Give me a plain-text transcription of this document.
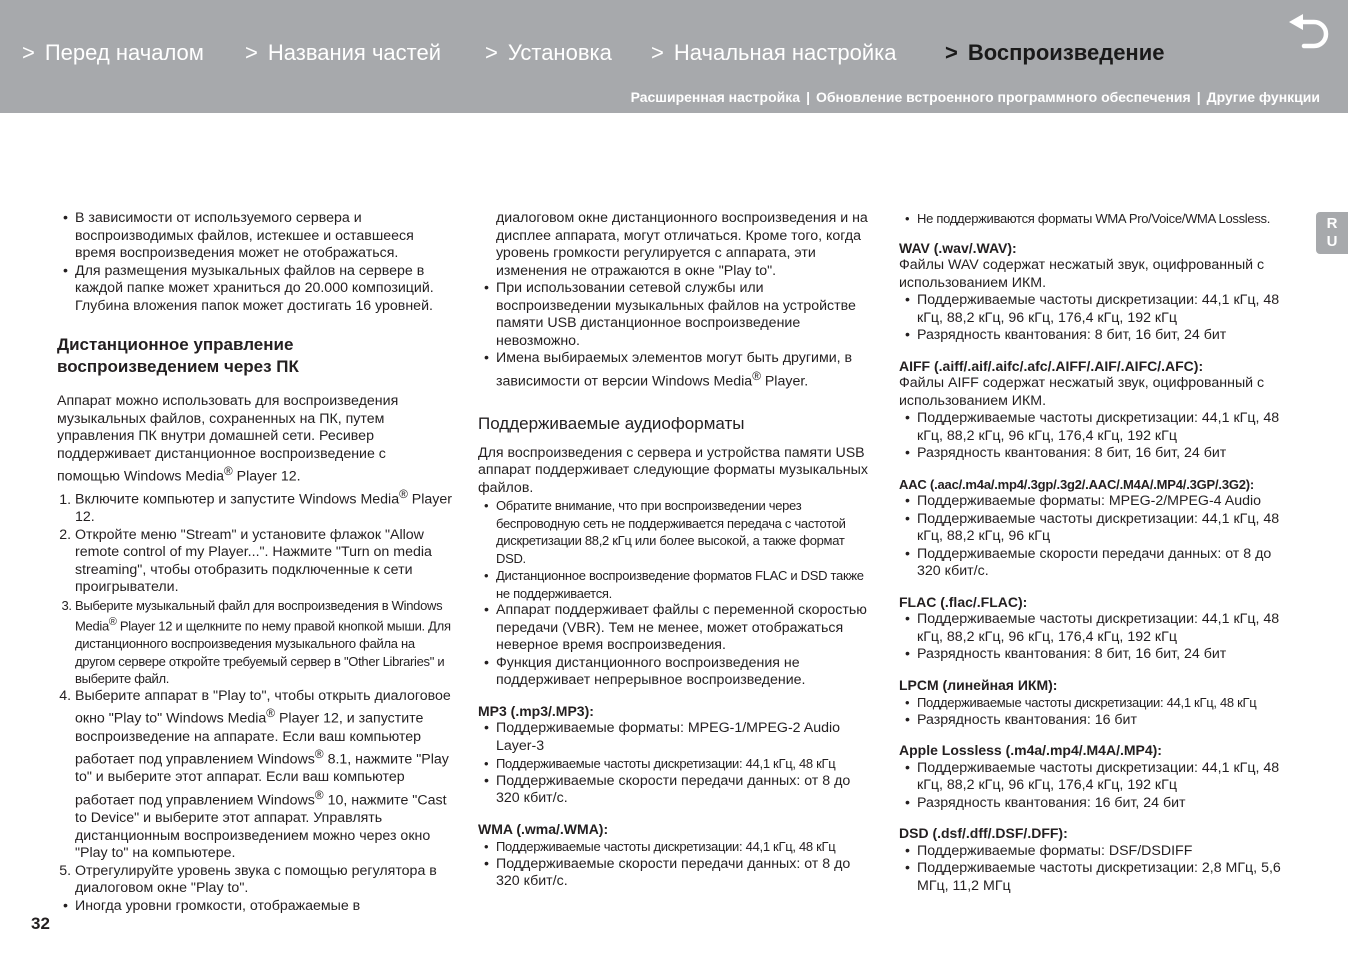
> Перед началом > Названия частей > Установка > Начальная настройка > Воспроизведение
Расширенная настройка | Обновление встроенного программного обеспечения | Другие функции
R
U
• В зависимости от используемого сервера и воспроизводимых файлов, истекшее и оставшееся время воспроизведения может не отображаться.
• Для размещения музыкальных файлов на сервере в каждой папке может храниться до 20.000 композиций. Глубина вложения папок может достигать 16 уровней.
Дистанционное управление
воспроизведением через ПК

Аппарат можно использовать для воспроизведения музыкальных файлов, сохраненных на ПК, путем управления ПК внутри домашней сети. Ресивер поддерживает дистанционное воспроизведение с помощью Windows Media® Player 12.

1. Включите компьютер и запустите Windows Media® Player 12.
2. Откройте меню "Stream" и установите флажок "Allow remote control of my Player...". Нажмите "Turn on media streaming", чтобы отобразить подключенные к сети проигрыватели.
3. Выберите музыкальный файл для воспроизведения в Windows Media® Player 12 и щелкните по нему правой кнопкой мыши. Для дистанционного воспроизведения музыкального файла на другом сервере откройте требуемый сервер в "Other Libraries" и выберите файл.
4. Выберите аппарат в "Play to", чтобы открыть диалоговое окно "Play to" Windows Media® Player 12, и запустите воспроизведение на аппарате. Если ваш компьютер работает под управлением Windows® 8.1, нажмите "Play to" и выберите этот аппарат. Если ваш компьютер работает под управлением Windows® 10, нажмите "Cast to Device" и выберите этот аппарат. Управлять дистанционным воспроизведением можно через окно "Play to" на компьютере.
5. Отрегулируйте уровень звука с помощью регулятора в диалоговом окне "Play to".
• Иногда уровни громкости, отображаемые в

диалоговом окне дистанционного воспроизведения и на дисплее аппарата, могут отличаться. Кроме того, когда уровень громкости регулируется с аппарата, эти изменения не отражаются в окне "Play to".

• При использовании сетевой службы или воспроизведении музыкальных файлов на устройстве памяти USB дистанционное воспроизведение невозможно.
• Имена выбираемых элементов могут быть другими, в зависимости от версии Windows Media® Player.
Поддерживаемые аудиоформаты

Для воспроизведения с сервера и устройства памяти USB аппарат поддерживает следующие форматы музыкальных файлов.

• Обратите внимание, что при воспроизведении через беспроводную сеть не поддерживается передача с частотой дискретизации 88,2 кГц или более высокой, а также формат DSD.
• Дистанционное воспроизведение форматов FLAC и DSD также не поддерживается.
• Аппарат поддерживает файлы с переменной скоростью передачи (VBR). Тем не менее, может отображаться неверное время воспроизведения.
• Функция дистанционного воспроизведения не поддерживает непрерывное воспроизведение.
MP3 (.mp3/.MP3):
• Поддерживаемые форматы: MPEG-1/MPEG-2 Audio Layer-3
• Поддерживаемые частоты дискретизации: 44,1 кГц, 48 кГц
• Поддерживаемые скорости передачи данных: от 8 до 320 кбит/с.
WMA (.wma/.WMA):
• Поддерживаемые частоты дискретизации: 44,1 кГц, 48 кГц
• Поддерживаемые скорости передачи данных: от 8 до 320 кбит/с.
• Не поддерживаются форматы WMA Pro/Voice/WMA Lossless.
WAV (.wav/.WAV):

Файлы WAV содержат несжатый звук, оцифрованный с использованием ИКМ.

• Поддерживаемые частоты дискретизации: 44,1 кГц, 48 кГц, 88,2 кГц, 96 кГц, 176,4 кГц, 192 кГц
• Разрядность квантования: 8 бит, 16 бит, 24 бит
AIFF (.aiff/.aif/.aifc/.afc/.AIFF/.AIF/.AIFC/.AFC):

Файлы AIFF содержат несжатый звук, оцифрованный с использованием ИКМ.

• Поддерживаемые частоты дискретизации: 44,1 кГц, 48 кГц, 88,2 кГц, 96 кГц, 176,4 кГц, 192 кГц
• Разрядность квантования: 8 бит, 16 бит, 24 бит
AAC (.aac/.m4a/.mp4/.3gp/.3g2/.AAC/.M4A/.MP4/.3GP/.3G2):
• Поддерживаемые форматы: MPEG-2/MPEG-4 Audio
• Поддерживаемые частоты дискретизации: 44,1 кГц, 48 кГц, 88,2 кГц, 96 кГц
• Поддерживаемые скорости передачи данных: от 8 до 320 кбит/с.
FLAC (.flac/.FLAC):
• Поддерживаемые частоты дискретизации: 44,1 кГц, 48 кГц, 88,2 кГц, 96 кГц, 176,4 кГц, 192 кГц
• Разрядность квантования: 8 бит, 16 бит, 24 бит
LPCM (линейная ИКМ):
• Поддерживаемые частоты дискретизации: 44,1 кГц, 48 кГц
• Разрядность квантования: 16 бит
Apple Lossless (.m4a/.mp4/.M4A/.MP4):
• Поддерживаемые частоты дискретизации: 44,1 кГц, 48 кГц, 88,2 кГц, 96 кГц, 176,4 кГц, 192 кГц
• Разрядность квантования: 16 бит, 24 бит
DSD (.dsf/.dff/.DSF/.DFF):
• Поддерживаемые форматы: DSF/DSDIFF
• Поддерживаемые частоты дискретизации: 2,8 МГц, 5,6 МГц, 11,2 МГц
32
